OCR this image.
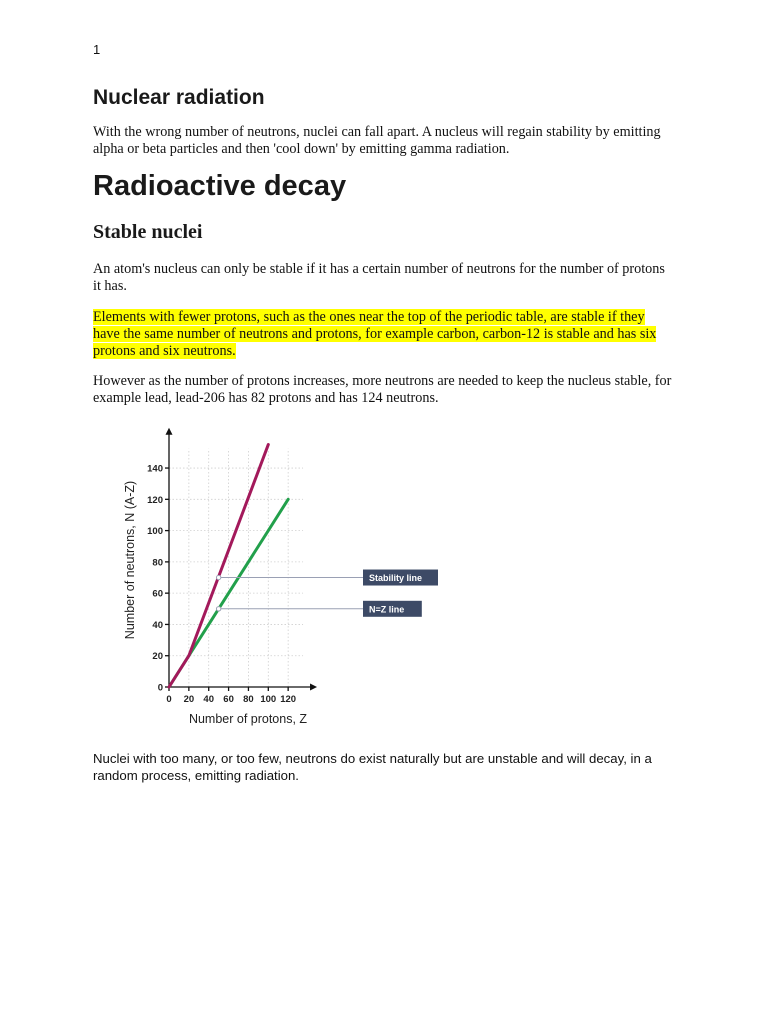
1
Nuclear radiation

With the wrong number of neutrons, nuclei can fall apart. A nucleus will regain stability by emitting alpha or beta particles and then 'cool down' by emitting gamma radiation.

Radioactive decay
Stable nuclei

An atom's nucleus can only be stable if it has a certain number of neutrons for the number of protons it has.

Elements with fewer protons, such as the ones near the top of the periodic table, are stable if they have the same number of neutrons and protons, for example carbon, carbon-12 is stable and has six protons and six neutrons.

However as the number of protons increases, more neutrons are needed to keep the nucleus stable, for example lead, lead-206 has 82 protons and has 124 neutrons.

0 20 40 60 80 100 120
0
20
40
60
80
100
120
140
Stability line
N=Z line
Number of protons, Z
Number of neutrons, N (A-Z)

Nuclei with too many, or too few, neutrons do exist naturally but are unstable and will decay, in a random process, emitting radiation.
